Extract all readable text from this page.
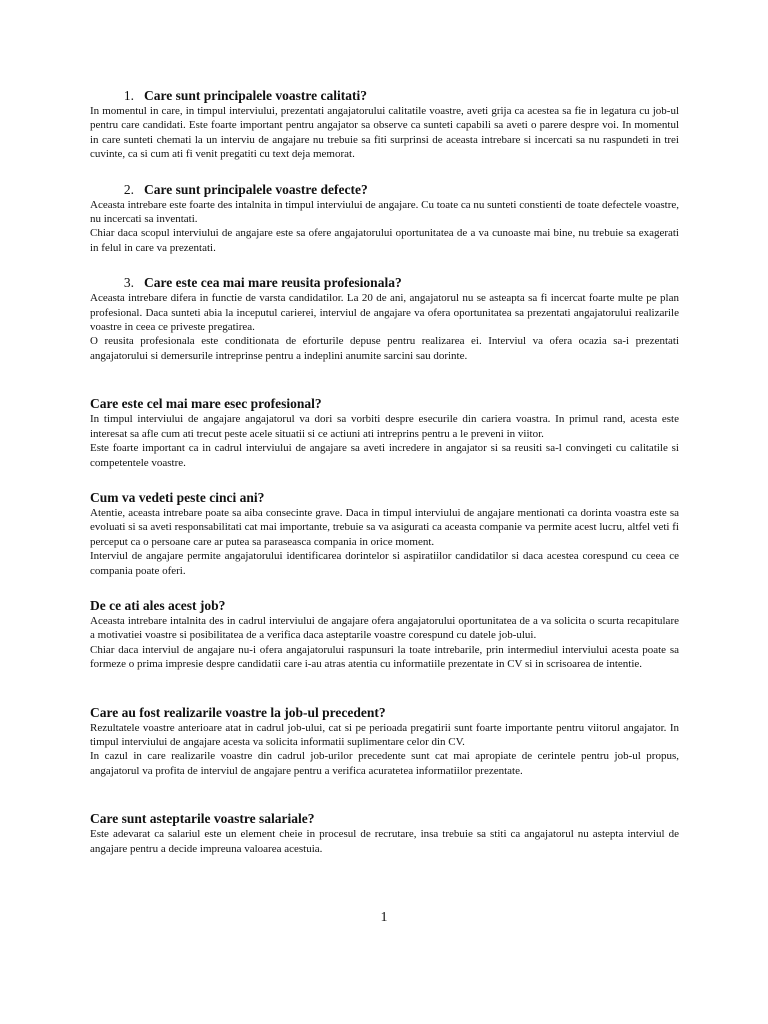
1. Care sunt principalele voastre calitati?

In momentul in care, in timpul interviului, prezentati angajatorului calitatile voastre, aveti grija ca acestea sa fie in legatura cu job-ul pentru care candidati. Este foarte important pentru angajator sa observe ca sunteti capabili sa aveti o parere despre voi. In momentul in care sunteti chemati la un interviu de angajare nu trebuie sa fiti surprinsi de aceasta intrebare si incercati sa nu raspundeti in trei cuvinte, ca si cum ati fi venit pregatiti cu text deja memorat.

2. Care sunt principalele voastre defecte?

Aceasta intrebare este foarte des intalnita in timpul interviului de angajare. Cu toate ca nu sunteti constienti de toate defectele voastre, nu incercati sa inventati.

Chiar daca scopul interviului de angajare este sa ofere angajatorului oportunitatea de a va cunoaste mai bine, nu trebuie sa exagerati in felul in care va prezentati.

3. Care este cea mai mare reusita profesionala?

Aceasta intrebare difera in functie de varsta candidatilor. La 20 de ani, angajatorul nu se asteapta sa fi incercat foarte multe pe plan profesional. Daca sunteti abia la inceputul carierei, interviul de angajare va ofera oportunitatea sa prezentati angajatorului realizarile voastre in ceea ce priveste pregatirea.

O reusita profesionala este conditionata de eforturile depuse pentru realizarea ei. Interviul va ofera ocazia sa-i prezentati angajatorului si demersurile intreprinse pentru a indeplini anumite sarcini sau dorinte.

Care este cel mai mare esec profesional?

In timpul interviului de angajare angajatorul va dori sa vorbiti despre esecurile din cariera voastra. In primul rand, acesta este interesat sa afle cum ati trecut peste acele situatii si ce actiuni ati intreprins pentru a le preveni in viitor.

Este foarte important ca in cadrul interviului de angajare sa aveti incredere in angajator si sa reusiti sa-l convingeti cu calitatile si competentele voastre.

Cum va vedeti peste cinci ani?

Atentie, aceasta intrebare poate sa aiba consecinte grave. Daca in timpul interviului de angajare mentionati ca dorinta voastra este sa evoluati si sa aveti responsabilitati cat mai importante, trebuie sa va asigurati ca aceasta companie va permite acest lucru, altfel veti fi perceput ca o persoane care ar putea sa paraseasca compania in orice moment.

Interviul de angajare permite angajatorului identificarea dorintelor si aspiratiilor candidatilor si daca acestea corespund cu ceea ce compania poate oferi.

De ce ati ales acest job?

Aceasta intrebare intalnita des in cadrul interviului de angajare ofera angajatorului oportunitatea de a va solicita o scurta recapitulare a motivatiei voastre si posibilitatea de a verifica daca asteptarile voastre corespund cu datele job-ului.

Chiar daca interviul de angajare nu-i ofera angajatorului raspunsuri la toate intrebarile, prin intermediul interviului acesta poate sa formeze o prima impresie despre candidatii care i-au atras atentia cu informatiile prezentate in CV si in scrisoarea de intentie.

Care au fost realizarile voastre la job-ul precedent?

Rezultatele voastre anterioare atat in cadrul job-ului, cat si pe perioada pregatirii sunt foarte importante pentru viitorul angajator. In timpul interviului de angajare acesta va solicita informatii suplimentare celor din CV.

In cazul in care realizarile voastre din cadrul job-urilor precedente sunt cat mai apropiate de cerintele pentru job-ul propus, angajatorul va profita de interviul de angajare pentru a verifica acuratetea informatiilor prezentate.

Care sunt asteptarile voastre salariale?

Este adevarat ca salariul este un element cheie in procesul de recrutare, insa trebuie sa stiti ca angajatorul nu astepta interviul de angajare pentru a decide impreuna valoarea acestuia.

1
